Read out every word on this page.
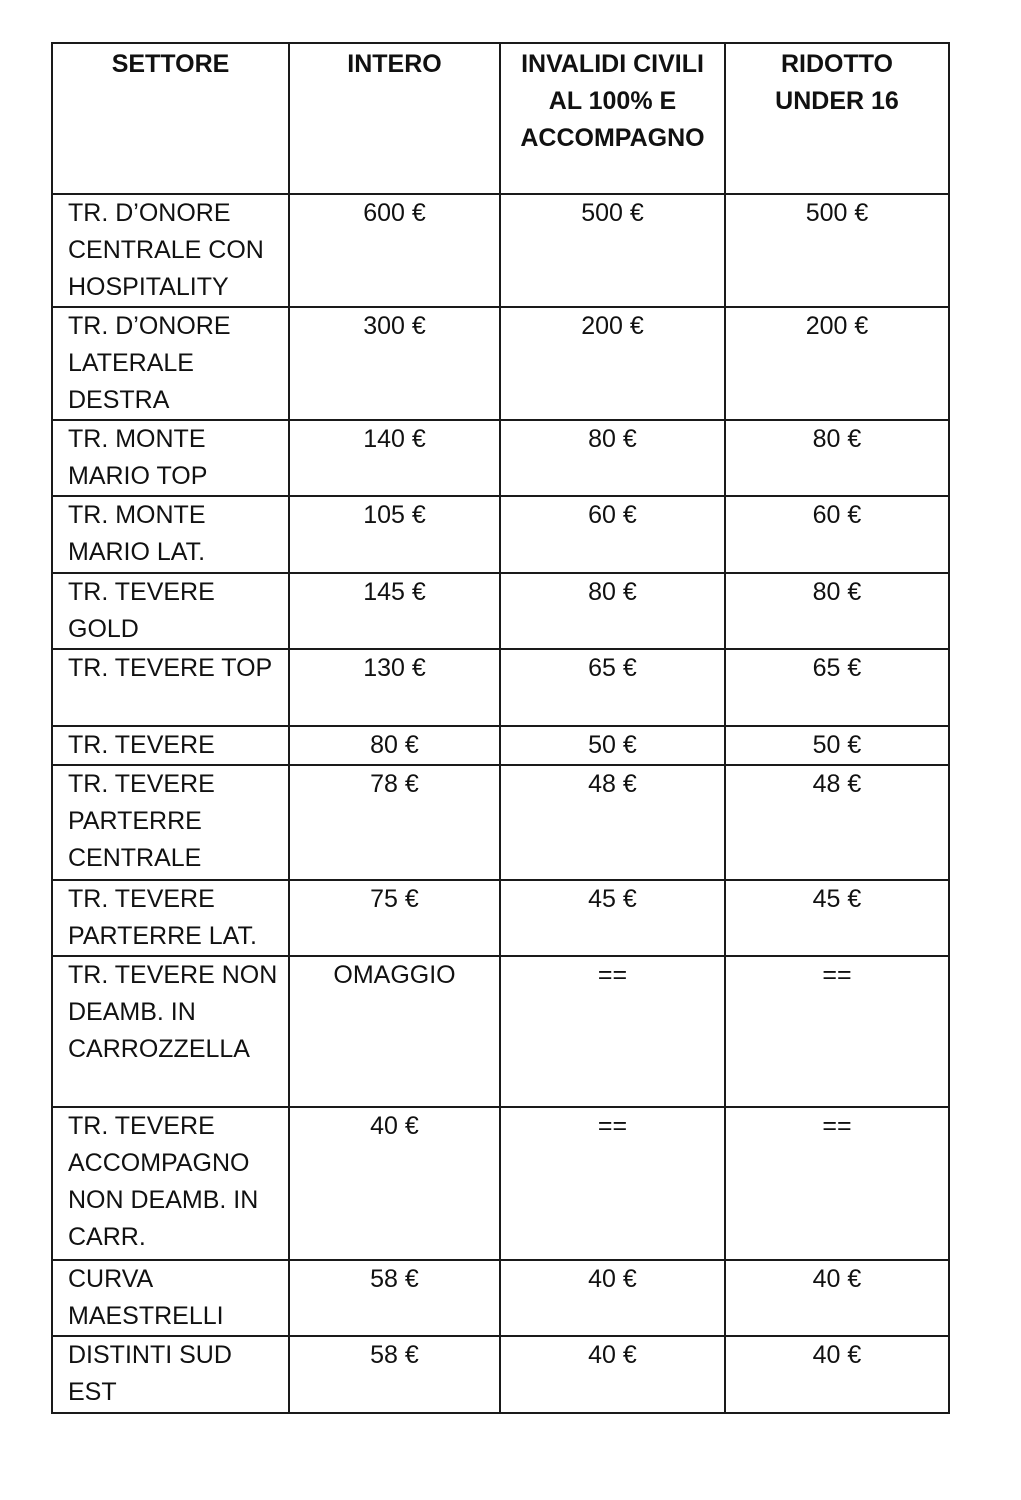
SETTORE	INTERO	INVALIDI CIVILI AL 100% E ACCOMPAGNO	RIDOTTO UNDER 16

TR. D’ONORE CENTRALE CON HOSPITALITY	600 €	500 €	500 €

TR. D’ONORE LATERALE DESTRA	300 €	200 €	200 €

TR. MONTE MARIO TOP	140 €	80 €	80 €

TR. MONTE MARIO LAT.	105 €	60 €	60 €

TR. TEVERE GOLD	145 €	80 €	80 €

TR. TEVERE TOP	130 €	65 €	65 €

TR. TEVERE	80 €	50 €	50 €

TR. TEVERE PARTERRE CENTRALE	78 €	48 €	48 €

TR. TEVERE PARTERRE LAT.	75 €	45 €	45 €

TR. TEVERE NON DEAMB. IN CARROZZELLA	OMAGGIO	==	==

TR. TEVERE ACCOMPAGNO NON DEAMB. IN CARR.	40 €	==	==

CURVA MAESTRELLI	58 €	40 €	40 €

DISTINTI SUD EST	58 €	40 €	40 €
